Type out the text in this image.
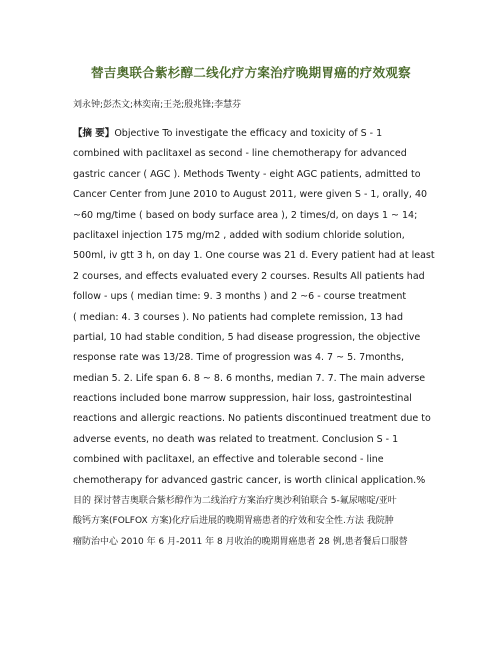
替吉奥联合紫杉醇二线化疗方案治疗晚期胃癌的疗效观察
刘永钟;彭杰文;林奕南;王尧;殷兆锋;李慧芬
【摘 要】Objective To investigate the efficacy and toxicity of S - 1
combined with paclitaxel as second - line chemotherapy for advanced
gastric cancer ( AGC ). Methods Twenty - eight AGC patients, admitted to
Cancer Center from June 2010 to August 2011, were given S - 1, orally, 40
~60 mg/time ( based on body surface area ), 2 times/d, on days 1 ~ 14;
paclitaxel injection 175 mg/m2 , added with sodium chloride solution,
500ml, iv gtt 3 h, on day 1. One course was 21 d. Every patient had at least
2 courses, and effects evaluated every 2 courses. Results All patients had
follow - ups ( median time: 9. 3 months ) and 2 ~6 - course treatment
( median: 4. 3 courses ). No patients had complete remission, 13 had
partial, 10 had stable condition, 5 had disease progression, the objective
response rate was 13/28. Time of progression was 4. 7 ~ 5. 7months,
median 5. 2. Life span 6. 8 ~ 8. 6 months, median 7. 7. The main adverse
reactions included bone marrow suppression, hair loss, gastrointestinal
reactions and allergic reactions. No patients discontinued treatment due to
adverse events, no death was related to treatment. Conclusion S - 1
combined with paclitaxel, an effective and tolerable second - line
chemotherapy for advanced gastric cancer, is worth clinical application.%
目的 探讨替吉奥联合紫杉醇作为二线治疗方案治疗奥沙利铂联合 5-氟尿嘧啶/亚叶
酸钙方案(FOLFOX 方案)化疗后进展的晚期胃癌患者的疗效和安全性.方法 我院肿
瘤防治中心 2010 年 6 月-2011 年 8 月收治的晚期胃癌患者 28 例,患者餐后口服替
